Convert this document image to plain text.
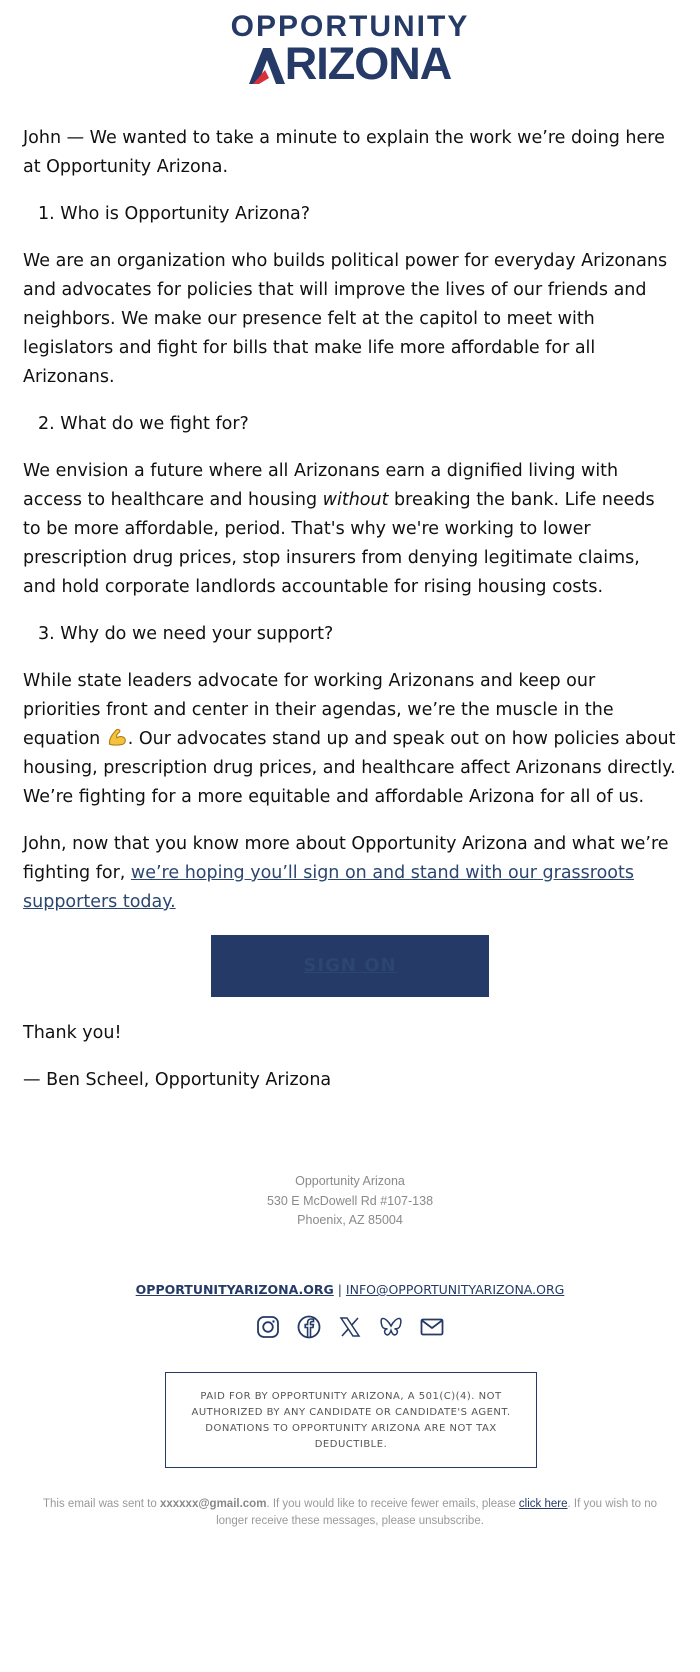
OPPORTUNITY
RIZONA

John — We wanted to take a minute to explain the work we’re doing here at Opportunity Arizona.

1. Who is Opportunity Arizona?

We are an organization who builds political power for everyday Arizonans and advocates for policies that will improve the lives of our friends and neighbors. We make our presence felt at the capitol to meet with legislators and fight for bills that make life more affordable for all Arizonans.

2. What do we fight for?

We envision a future where all Arizonans earn a dignified living with access to healthcare and housing without breaking the bank. Life needs to be more affordable, period. That's why we're working to lower prescription drug prices, stop insurers from denying legitimate claims, and hold corporate landlords accountable for rising housing costs.

3. Why do we need your support?

While state leaders advocate for working Arizonans and keep our priorities front and center in their agendas, we’re the muscle in the equation . Our advocates stand up and speak out on how policies about housing, prescription drug prices, and healthcare affect Arizonans directly. We’re fighting for a more equitable and affordable Arizona for all of us.

John, now that you know more about Opportunity Arizona and what we’re fighting for, we’re hoping you’ll sign on and stand with our grassroots supporters today.

SIGN ON

Thank you!

— Ben Scheel, Opportunity Arizona

Opportunity Arizona
530 E McDowell Rd #107-138
Phoenix, AZ 85004
OPPORTUNITYARIZONA.ORG | INFO@OPPORTUNITYARIZONA.ORG

PAID FOR BY OPPORTUNITY ARIZONA, A 501(C)(4). NOT AUTHORIZED BY ANY CANDIDATE OR CANDIDATE'S AGENT. DONATIONS TO OPPORTUNITY ARIZONA ARE NOT TAX DEDUCTIBLE.
This email was sent to xxxxxx@gmail.com. If you would like to receive fewer emails, please click here. If you wish to no longer receive these messages, please unsubscribe.
